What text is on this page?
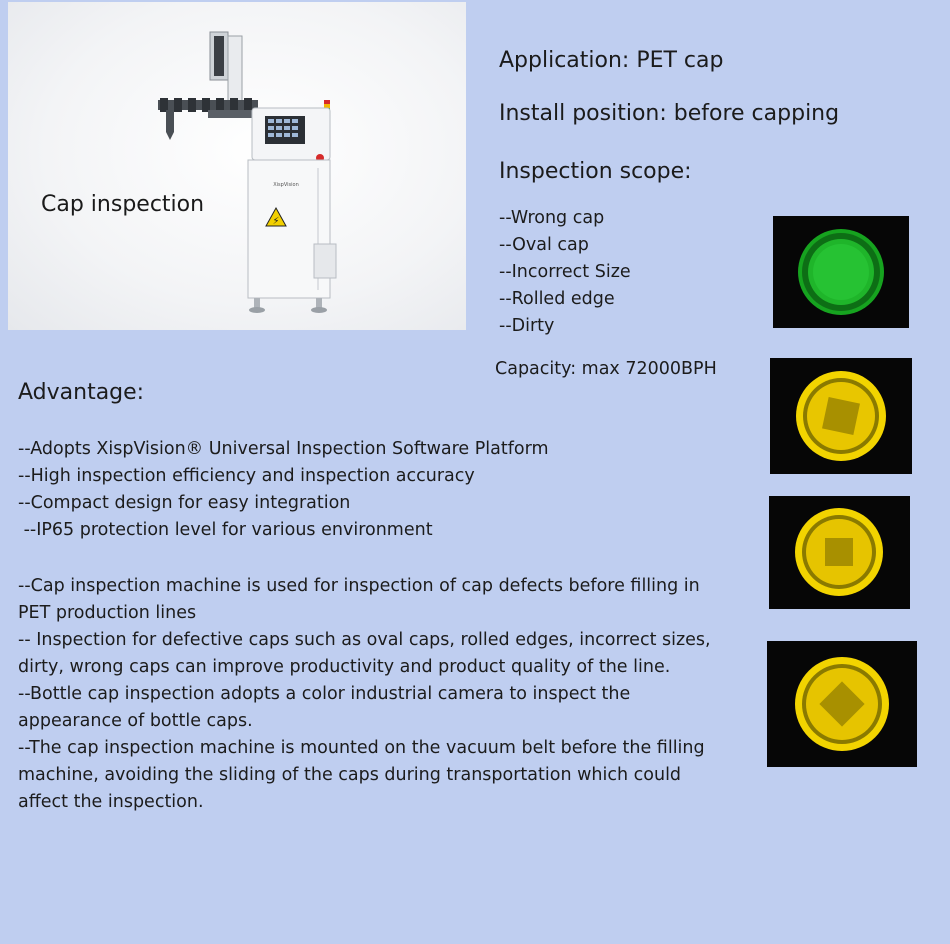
⚡
XispVision
Cap inspection
Application: PET cap
Install position: before capping
Inspection scope:
--Wrong cap
--Oval cap
--Incorrect Size
--Rolled edge
--Dirty
Capacity: max 72000BPH
Advantage:
--Adopts XispVision® Universal Inspection Software Platform
--High inspection efficiency and inspection accuracy
--Compact design for easy integration
--IP65 protection level for various environment

--Cap inspection machine is used for inspection of cap defects before filling in PET production lines

-- Inspection for defective caps such as oval caps, rolled edges, incorrect sizes, dirty, wrong caps can improve productivity and product quality of the line.

--Bottle cap inspection adopts a color industrial camera to inspect the appearance of bottle caps.

--The cap inspection machine is mounted on the vacuum belt before the filling machine, avoiding the sliding of the caps during transportation which could affect the inspection.
